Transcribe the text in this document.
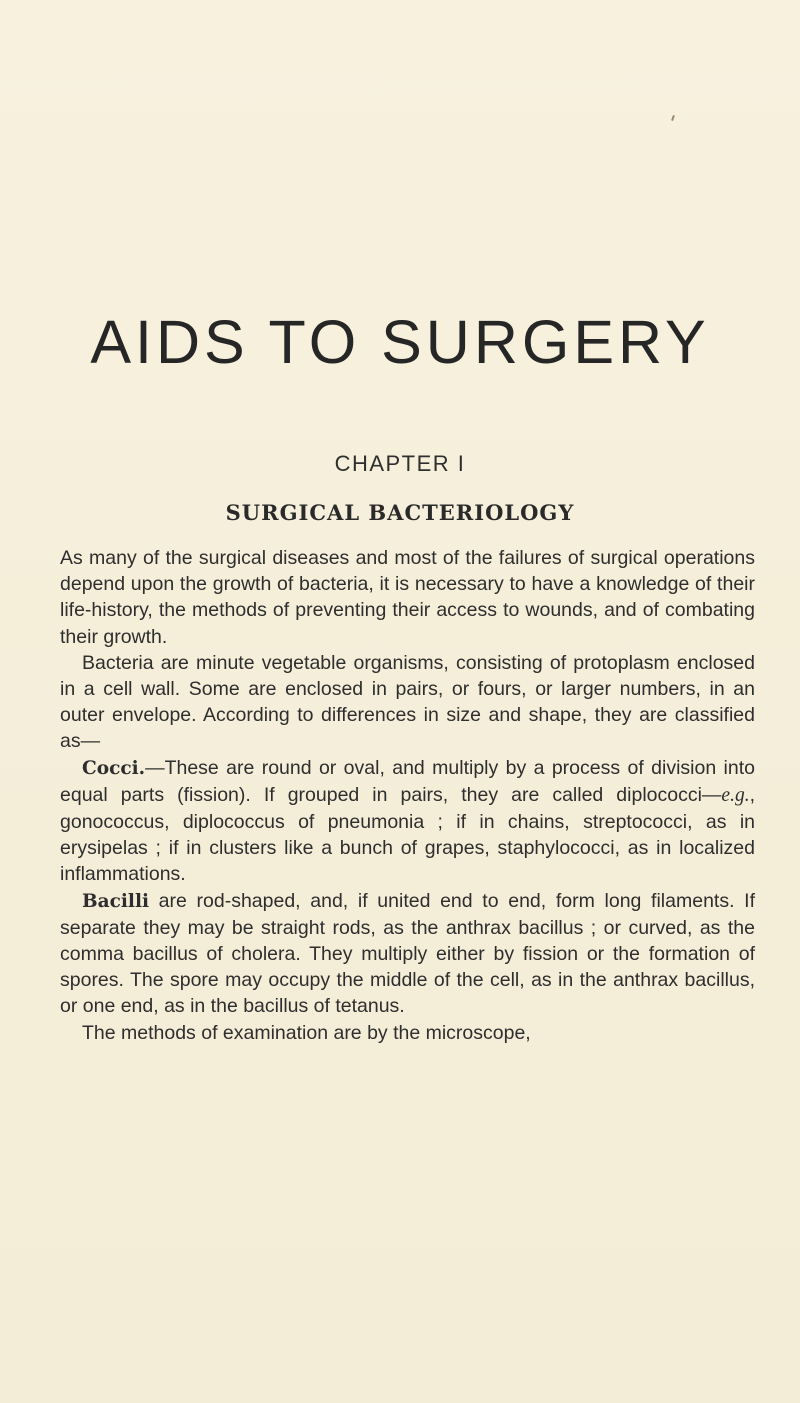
AIDS TO SURGERY
CHAPTER I
SURGICAL BACTERIOLOGY

As many of the surgical diseases and most of the failures of surgical operations depend upon the growth of bacteria, it is necessary to have a knowledge of their life-history, the methods of preventing their access to wounds, and of combating their growth.

Bacteria are minute vegetable organisms, consisting of protoplasm enclosed in a cell wall. Some are enclosed in pairs, or fours, or larger numbers, in an outer envelope. According to differences in size and shape, they are classified as—

Cocci.—These are round or oval, and multiply by a process of division into equal parts (fission). If grouped in pairs, they are called diplococci—e.g., gonococcus, diplococcus of pneumonia ; if in chains, streptococci, as in erysipelas ; if in clusters like a bunch of grapes, staphylococci, as in localized inflammations.

Bacilli are rod-shaped, and, if united end to end, form long filaments. If separate they may be straight rods, as the anthrax bacillus ; or curved, as the comma bacillus of cholera. They multiply either by fission or the formation of spores. The spore may occupy the middle of the cell, as in the anthrax bacillus, or one end, as in the bacillus of tetanus.

The methods of examination are by the microscope,
